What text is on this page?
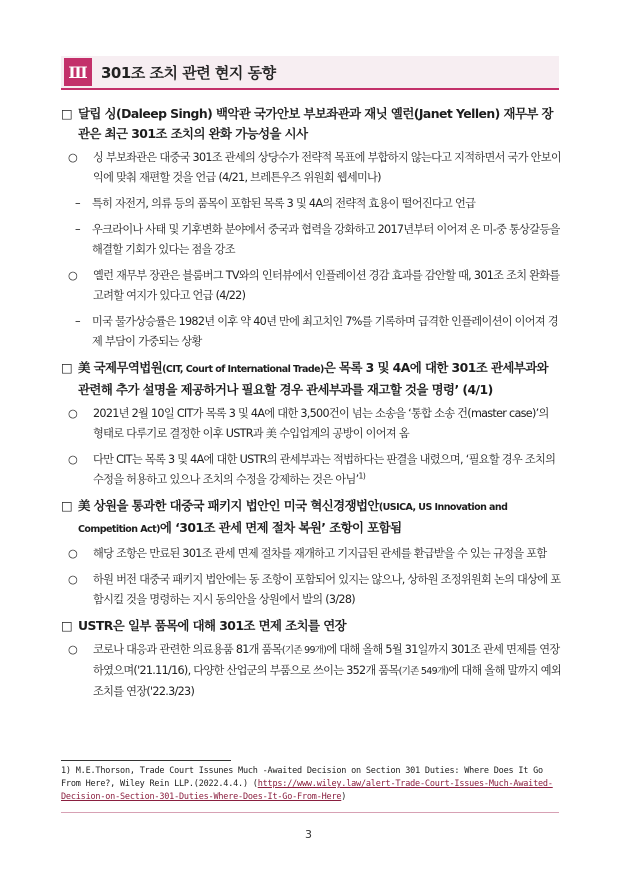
Ⅲ 301조 조치 관련 현지 동향
□ 달립 싱(Daleep Singh) 백악관 국가안보 부보좌관과 재닛 옐런(Janet Yellen) 재무부 장관은 최근 301조 조치의 완화 가능성을 시사
○ 싱 부보좌관은 대중국 301조 관세의 상당수가 전략적 목표에 부합하지 않는다고 지적하면서 국가 안보이익에 맞춰 재편할 것을 언급 (4/21, 브레튼우즈 위원회 웹세미나)
– 특히 자전거, 의류 등의 품목이 포함된 목록 3 및 4A의 전략적 효용이 떨어진다고 언급
– 우크라이나 사태 및 기후변화 분야에서 중국과 협력을 강화하고 2017년부터 이어져 온 미-중 통상갈등을 해결할 기회가 있다는 점을 강조
○ 옐런 재무부 장관은 블룸버그 TV와의 인터뷰에서 인플레이션 경감 효과를 감안할 때, 301조 조치 완화를 고려할 여지가 있다고 언급 (4/22)
– 미국 물가상승률은 1982년 이후 약 40년 만에 최고치인 7%를 기록하며 급격한 인플레이션이 이어져 경제 부담이 가중되는 상황
□ 美 국제무역법원(CIT, Court of International Trade)은 목록 3 및 4A에 대한 301조 관세부과와 관련해 추가 설명을 제공하거나 필요할 경우 관세부과를 재고할 것을 명령’ (4/1)
○ 2021년 2월 10일 CIT가 목록 3 및 4A에 대한 3,500건이 넘는 소송을 ‘통합 소송 건(master case)’의 형태로 다루기로 결정한 이후 USTR과 美 수입업계의 공방이 이어져 옴
○ 다만 CIT는 목록 3 및 4A에 대한 USTR의 관세부과는 적법하다는 판결을 내렸으며, ‘필요할 경우 조치의 수정을 허용하고 있으나 조치의 수정을 강제하는 것은 아님’$^{1)}$
□ 美 상원을 통과한 대중국 패키지 법안인 미국 혁신경쟁법안(USICA, US Innovation and Competition Act)에 ‘301조 관세 면제 절차 복원’ 조항이 포함됨
○ 해당 조항은 만료된 301조 관세 면제 절차를 재개하고 기지급된 관세를 환급받을 수 있는 규정을 포함
○ 하원 버전 대중국 패키지 법안에는 동 조항이 포함되어 있지는 않으나, 상하원 조정위원회 논의 대상에 포함시킬 것을 명령하는 지시 동의안을 상원에서 발의 (3/28)
□ USTR은 일부 품목에 대해 301조 면제 조치를 연장
○ 코로나 대응과 관련한 의료용품 81개 품목(기존 99개)에 대해 올해 5월 31일까지 301조 관세 면제를 연장하였으며('21.11/16), 다양한 산업군의 부품으로 쓰이는 352개 품목(기존 549개)에 대해 올해 말까지 예외 조치를 연장('22.3/23)
1) M.E.Thorson, Trade Court Issunes Much -Awaited Decision on Section 301 Duties: Where Does It Go From Here?, Wiley Rein LLP.(2022.4.4.) (https://www.wiley.law/alert-Trade-Court-Issues-Much-Awaited-Decision-on-Section-301-Duties-Where-Does-It-Go-From-Here)
3
